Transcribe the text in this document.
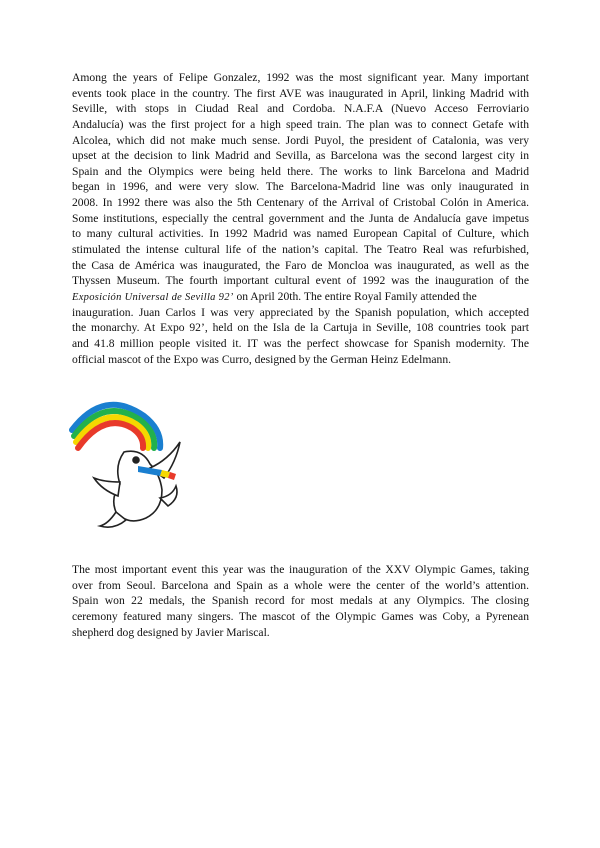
Among the years of Felipe Gonzalez, 1992 was the most significant year. Many important
events took place in the country. The first AVE was inaugurated in April, linking Madrid with
Seville, with stops in Ciudad Real and Cordoba. N.A.F.A (Nuevo Acceso Ferroviario
Andalucía) was the first project for a high speed train. The plan was to connect Getafe with
Alcolea, which did not make much sense. Jordi Puyol, the president of Catalonia, was very
upset at the decision to link Madrid and Sevilla, as Barcelona was the second largest city in
Spain and the Olympics were being held there. The works to link Barcelona and Madrid
began in 1996, and were very slow. The Barcelona-Madrid line was only inaugurated in
2008. In 1992 there was also the 5th Centenary of the Arrival of Cristobal Colón in America.
Some institutions, especially the central government and the Junta de Andalucía gave impetus
to many cultural activities. In 1992 Madrid was named European Capital of Culture, which
stimulated the intense cultural life of the nation’s capital. The Teatro Real was refurbished,
the Casa de América was inaugurated, the Faro de Moncloa was inaugurated, as well as the
Thyssen Museum. The fourth important cultural event of 1992 was the inauguration of the
Exposición Universal de Sevilla 92’ on April 20th. The entire Royal Family attended the
inauguration. Juan Carlos I was very appreciated by the Spanish population, which accepted
the monarchy. At Expo 92’, held on the Isla de la Cartuja in Seville, 108 countries took part
and 41.8 million people visited it. IT was the perfect showcase for Spanish modernity. The
official mascot of the Expo was Curro, designed by the German Heinz Edelmann.
The most important event this year was the inauguration of the XXV Olympic Games, taking
over from Seoul. Barcelona and Spain as a whole were the center of the world’s attention.
Spain won 22 medals, the Spanish record for most medals at any Olympics. The closing
ceremony featured many singers. The mascot of the Olympic Games was Coby, a Pyrenean
shepherd dog designed by Javier Mariscal.
